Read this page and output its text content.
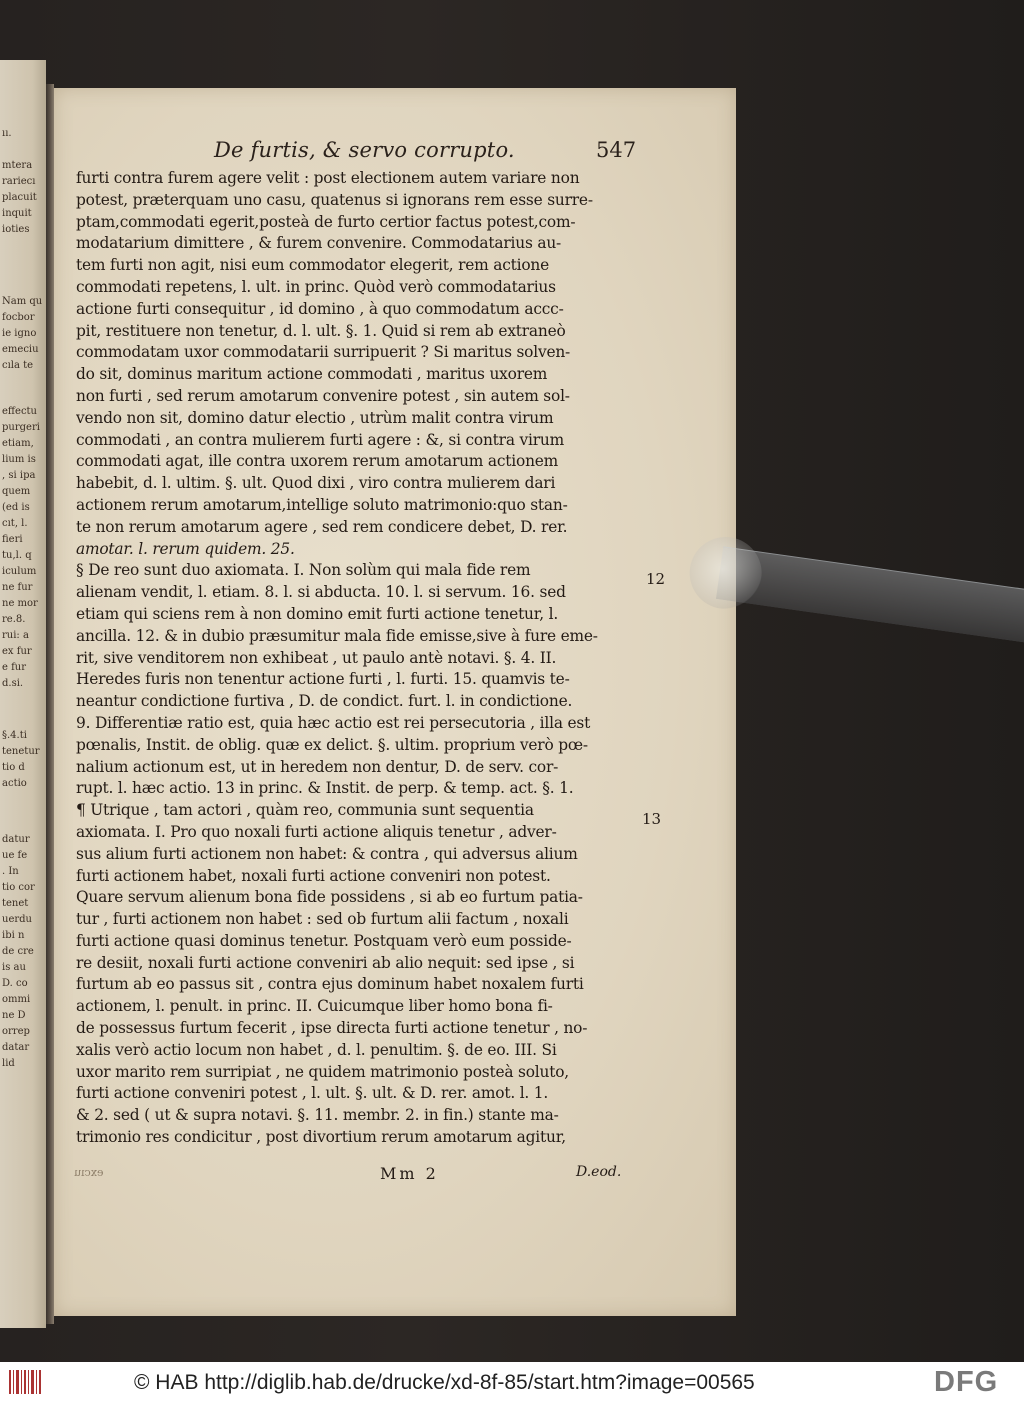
ıı.
mtera
rariecı
placuit
inquit
ioties
Nam qu
focbor
ie igno
emeciu
cıla te
effectu
purgeri
etiam,
lium is
, si ipa
quem
(ed is
cıt, l.
fieri
tu,l. q
iculum
ne fur
ne mor
re.8.
rui: a
ex fur
e fur
d.si.
§.4.ti
tenetur
tio d
actio
datur
ue fe
. In
tio cor
tenet
uerdu
ibi n
de cre
is au
D. co
ommi
ne D
orrep
datar
lid
De furtis, & servo corrupto.	547
furti contra furem agere velit : post electionem autem variare non
potest, præterquam uno casu, quatenus si ignorans rem esse surre-
ptam,commodati egerit,posteà de furto certior factus potest,com-
modatarium dimittere , & furem convenire. Commodatarius au-
tem furti non agit, nisi eum commodator elegerit, rem actione
commodati repetens, l. ult. in princ. Quòd verò commodatarius
actione furti consequitur , id domino , à quo commodatum accc-
pit, restituere non tenetur, d. l. ult. §. 1. Quid si rem ab extraneò
commodatam uxor commodatarii surripuerit ? Si maritus solven-
do sit, dominus maritum actione commodati , maritus uxorem
non furti , sed rerum amotarum convenire potest , sin autem sol-
vendo non sit, domino datur electio , utrùm malit contra virum
commodati , an contra mulierem furti agere : &, si contra virum
commodati agat, ille contra uxorem rerum amotarum actionem
habebit, d. l. ultim. §. ult. Quod dixi , viro contra mulierem dari
actionem rerum amotarum,intellige soluto matrimonio:quo stan-
te non rerum amotarum agere , sed rem condicere debet, D. rer.
amotar. l. rerum quidem. 25.
§ De reo sunt duo axiomata. I. Non solùm qui mala fide rem
alienam vendit, l. etiam. 8. l. si abducta. 10. l. si servum. 16. sed
etiam qui sciens rem à non domino emit furti actione tenetur, l.
ancilla. 12. & in dubio præsumitur mala fide emisse,sive à fure eme-
rit, sive venditorem non exhibeat , ut paulo antè notavi. §. 4. II.
Heredes furis non tenentur actione furti , l. furti. 15. quamvis te-
neantur condictione furtiva , D. de condict. furt. l. in condictione.
9. Differentiæ ratio est, quia hæc actio est rei persecutoria , illa est
pœnalis, Instit. de oblig. quæ ex delict. §. ultim. proprium verò pœ-
nalium actionum est, ut in heredem non dentur, D. de serv. cor-
rupt. l. hæc actio. 13 in princ. & Instit. de perp. & temp. act. §. 1.
¶ Utrique , tam actori , quàm reo, communia sunt sequentia
axiomata. I. Pro quo noxali furti actione aliquis tenetur , adver-
sus alium furti actionem non habet: & contra , qui adversus alium
furti actionem habet, noxali furti actione conveniri non potest.
Quare servum alienum bona fide possidens , si ab eo furtum patia-
tur , furti actionem non habet : sed ob furtum alii factum , noxali
furti actione quasi dominus tenetur. Postquam verò eum posside-
re desiit, noxali furti actione conveniri ab alio nequit: sed ipse , si
furtum ab eo passus sit , contra ejus dominum habet noxalem furti
actionem, l. penult. in princ. II. Cuicumque liber homo bona fi-
de possessus furtum fecerit , ipse directa furti actione tenetur , no-
xalis verò actio locum non habet , d. l. penultim. §. de eo. III. Si
uxor marito rem surripiat , ne quidem matrimonio posteà soluto,
furti actione conveniri potest , l. ult. §. ult. & D. rer. amot. l. 1.
& 2. sed ( ut & supra notavi. §. 11. membr. 2. in fin.) stante ma-
trimonio res condicitur , post divortium rerum amotarum agitur,
12
13
excıu	Mm 2	D.eod.
© HAB http://diglib.hab.de/drucke/xd-8f-85/start.htm?image=00565	DFG
